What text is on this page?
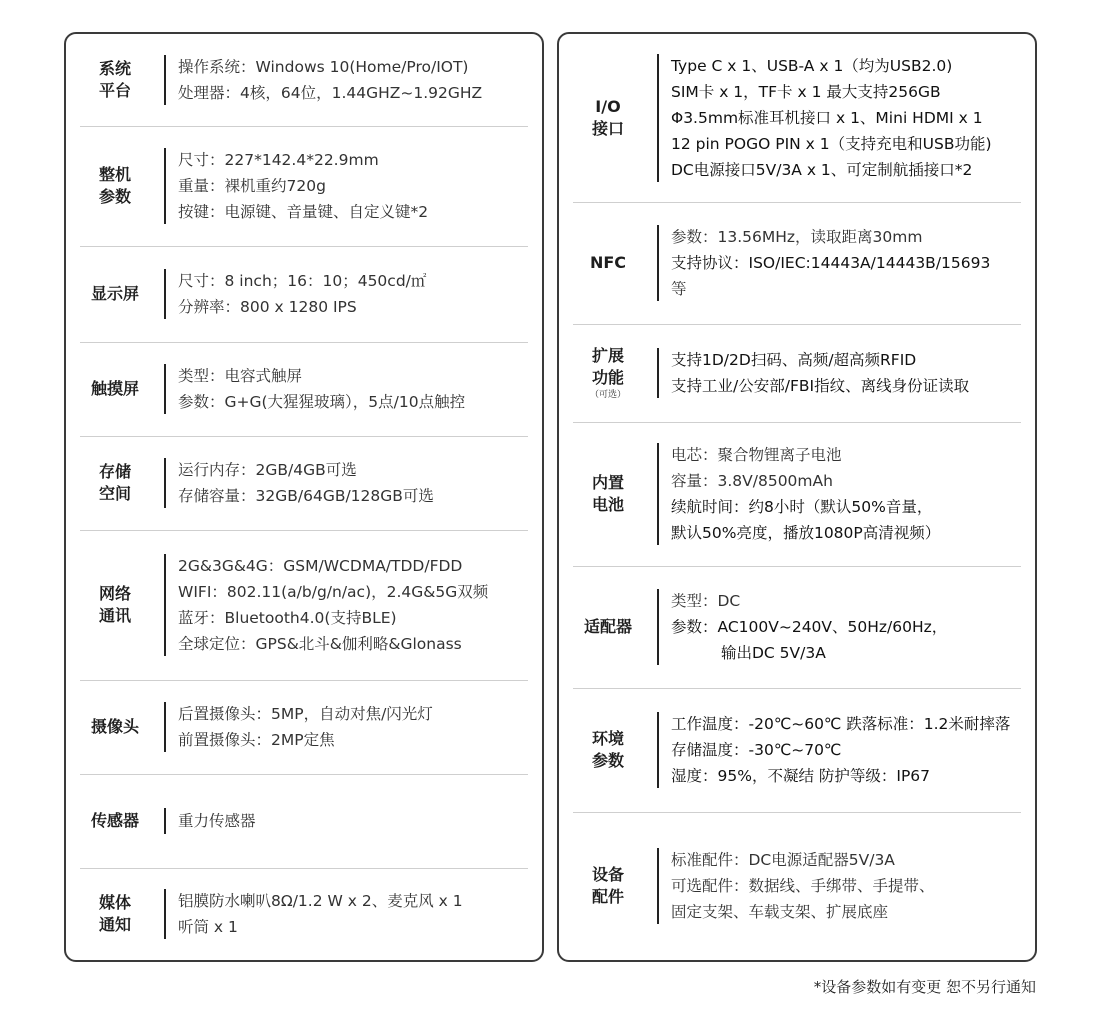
系统
平台
操作系统：Windows 10(Home/Pro/IOT)
处理器：4核，64位，1.44GHZ~1.92GHZ
整机
参数
尺寸：227*142.4*22.9mm
重量：裸机重约720g
按键：电源键、音量键、自定义键*2
显示屏
尺寸：8 inch；16：10；450cd/㎡
分辨率：800 x 1280 IPS
触摸屏
类型：电容式触屏
参数：G+G(大猩猩玻璃），5点/10点触控
存储
空间
运行内存：2GB/4GB可选
存储容量：32GB/64GB/128GB可选
网络
通讯
2G&3G&4G：GSM/WCDMA/TDD/FDD
WIFI：802.11(a/b/g/n/ac)，2.4G&5G双频
蓝牙：Bluetooth4.0(支持BLE)
全球定位：GPS&北斗&伽利略&Glonass
摄像头
后置摄像头：5MP，自动对焦/闪光灯
前置摄像头：2MP定焦
传感器	重力传感器
媒体
通知
铝膜防水喇叭8Ω/1.2 W x 2、麦克风 x 1
听筒 x 1
I/O
接口
Type C x 1、USB-A x 1（均为USB2.0)
SIM卡 x 1，TF卡 x 1 最大支持256GB
Φ3.5mm标准耳机接口 x 1、Mini HDMI x 1
12 pin POGO PIN x 1（支持充电和USB功能)
DC电源接口5V/3A x 1、可定制航插接口*2
NFC
参数：13.56MHz，读取距离30mm
支持协议：ISO/IEC:14443A/14443B/15693
等
扩展
功能
（可选）
支持1D/2D扫码、高频/超高频RFID
支持工业/公安部/FBI指纹、离线身份证读取
内置
电池
电芯：聚合物锂离子电池
容量：3.8V/8500mAh
续航时间：约8小时（默认50%音量，
默认50%亮度，播放1080P高清视频）
适配器
类型：DC
参数：AC100V~240V、50Hz/60Hz，
输出DC 5V/3A
环境
参数
工作温度：-20℃~60℃ 跌落标准：1.2米耐摔落
存储温度：-30℃~70℃
湿度：95%，不凝结 防护等级：IP67
设备
配件
标准配件：DC电源适配器5V/3A
可选配件：数据线、手绑带、手提带、
固定支架、车载支架、扩展底座
*设备参数如有变更 恕不另行通知
